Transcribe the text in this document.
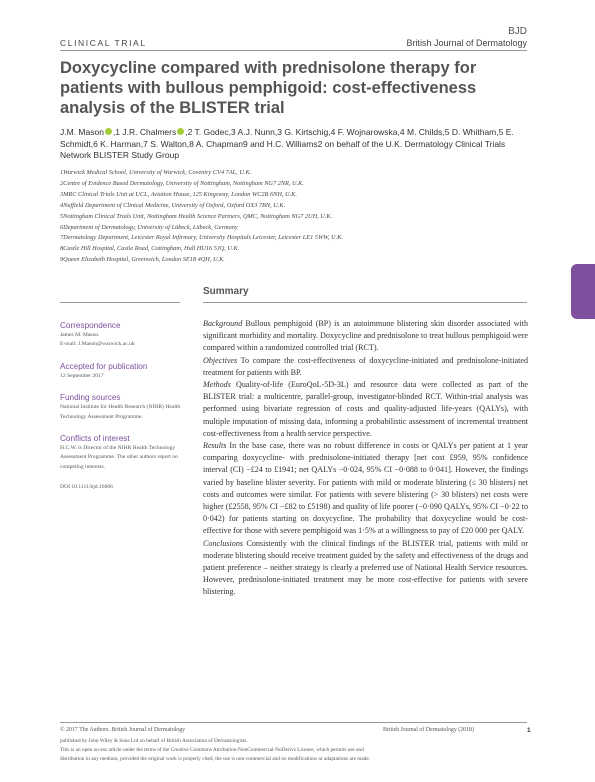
CLINICAL TRIAL
BJD
British Journal of Dermatology
Doxycycline compared with prednisolone therapy for patients with bullous pemphigoid: cost-effectiveness analysis of the BLISTER trial
J.M. Mason ,1 J.R. Chalmers ,2 T. Godec,3 A.J. Nunn,3 G. Kirtschig,4 F. Wojnarowska,4 M. Childs,5 D. Whitham,5 E. Schmidt,6 K. Harman,7 S. Walton,8 A. Chapman9 and H.C. Williams2 on behalf of the U.K. Dermatology Clinical Trials Network BLISTER Study Group
1Warwick Medical School, University of Warwick, Coventry CV4 7AL, U.K.
2Centre of Evidence Based Dermatology, University of Nottingham, Nottingham NG7 2NR, U.K.
3MRC Clinical Trials Unit at UCL, Aviation House, 125 Kingsway, London WC2B 6NH, U.K.
4Nuffield Department of Clinical Medicine, University of Oxford, Oxford OX3 7BN, U.K.
5Nottingham Clinical Trials Unit, Nottingham Health Science Partners, QMC, Nottingham NG7 2UH, U.K.
6Department of Dermatology, University of Lübeck, Lübeck, Germany
7Dermatology Department, Leicester Royal Infirmary, University Hospitals Leicester, Leicester LE1 5WW, U.K.
8Castle Hill Hospital, Castle Road, Cottingham, Hull HU16 5JQ, U.K.
9Queen Elizabeth Hospital, Greenwich, London SE18 4QH, U.K.
Summary
Correspondence
James M. Mason.
E-mail: J.Mason@warwick.ac.uk
Accepted for publication
12 September 2017
Funding sources
National Institute for Health Research (NIHR) Health Technology Assessment Programme.
Conflicts of interest
H.C.W. is Director of the NIHR Health Technology Assessment Programme. The other authors report no competing interests.
DOI 10.1111/bjd.16006

Background Bullous pemphigoid (BP) is an autoimmune blistering skin disorder associated with significant morbidity and mortality. Doxycycline and prednisolone to treat bullous pemphigoid were compared within a randomized controlled trial (RCT).

Objectives To compare the cost-effectiveness of doxycycline-initiated and prednisolone-initiated treatment for patients with BP.

Methods Quality-of-life (EuroQoL-5D-3L) and resource data were collected as part of the BLISTER trial: a multicentre, parallel-group, investigator-blinded RCT. Within-trial analysis was performed using bivariate regression of costs and quality-adjusted life-years (QALYs), with multiple imputation of missing data, informing a probabilistic assessment of incremental treatment cost-effectiveness from a health service perspective.

Results In the base case, there was no robust difference in costs or QALYs per patient at 1 year comparing doxycycline- with prednisolone-initiated therapy [net cost £959, 95% confidence interval (CI) −£24 to £1941; net QALYs −0·024, 95% CI −0·088 to 0·041]. However, the findings varied by baseline blister severity. For patients with mild or moderate blistering (≤ 30 blisters) net costs and outcomes were similar. For patients with severe blistering (> 30 blisters) net costs were higher (£2558, 95% CI −£82 to £5198) and quality of life poorer (−0·090 QALYs, 95% CI −0·22 to 0·042) for patients starting on doxycycline. The probability that doxycycline would be cost-effective for those with severe pemphigoid was 1·5% at a willingness to pay of £20 000 per QALY.

Conclusions Consistently with the clinical findings of the BLISTER trial, patients with mild or moderate blistering should receive treatment guided by the safety and effectiveness of the drugs and patient preference – neither strategy is clearly a preferred use of National Health Service resources. However, prednisolone-initiated treatment may be more cost-effective for patients with severe blistering.

© 2017 The Authors. British Journal of Dermatology	British Journal of Dermatology (2018)	1
published by John Wiley & Sons Ltd on behalf of British Association of Dermatologists.
This is an open access article under the terms of the Creative Commons Attribution-NonCommercial-NoDerivs License, which permits use and
distribution in any medium, provided the original work is properly cited, the use is non-commercial and no modifications or adaptations are made.
